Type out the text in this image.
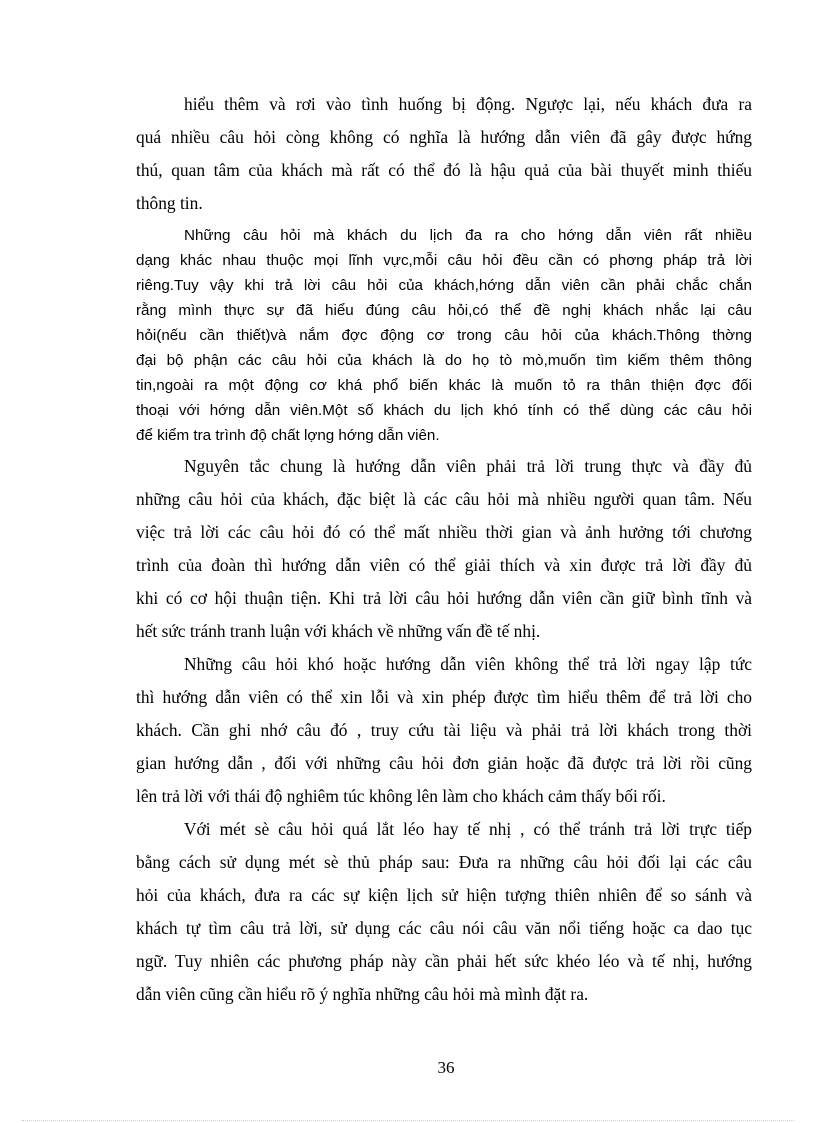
hiểu thêm và rơi vào tình huống bị động. Ngược lại, nếu khách đưa ra
quá nhiều câu hỏi còng không có nghĩa là hướng dẫn viên đã gây được hứng
thú, quan tâm của khách mà rất có thể đó là hậu quả của bài thuyết minh thiếu
thông tin.
Những câu hỏi mà khách du lịch đa ra cho hớng dẫn viên rất nhiều
dạng khác nhau thuộc mọi lĩnh vực,mỗi câu hỏi đều cần có phơng pháp trả lời
riêng.Tuy vậy khi trả lời câu hỏi của khách,hớng dẫn viên cần phải chắc chắn
rằng mình thực sự đã hiểu đúng câu hỏi,có thể đề nghị khách nhắc lại câu
hỏi(nếu cần thiết)và nắm đợc động cơ trong câu hỏi của khách.Thông thờng
đại bộ phận các câu hỏi của khách là do họ tò mò,muốn tìm kiếm thêm thông
tin,ngoài ra một động cơ khá phổ biến khác là muốn tỏ ra thân thiện đợc đối
thoại với hớng dẫn viên.Một số khách du lịch khó tính có thể dùng các câu hỏi
để kiểm tra trình độ chất lợng hớng dẫn viên.
Nguyên tắc chung là hướng dẫn viên phải trả lời trung thực và đầy đủ
những câu hỏi của khách, đặc biệt là các câu hỏi mà nhiều người quan tâm. Nếu
việc trả lời các câu hỏi đó có thể mất nhiều thời gian và ảnh hưởng tới chương
trình của đoàn thì hướng dẫn viên có thể giải thích và xin được trả lời đầy đủ
khi có cơ hội thuận tiện. Khi trả lời câu hỏi hướng dẫn viên cần giữ bình tĩnh và
hết sức tránh tranh luận với khách về những vấn đề tế nhị.
Những câu hỏi khó hoặc hướng dẫn viên không thể trả lời ngay lập tức
thì hướng dẫn viên có thể xin lỗi và xin phép được tìm hiểu thêm để trả lời cho
khách. Cần ghi nhớ câu đó , truy cứu tài liệu và phải trả lời khách trong thời
gian hướng dẫn , đối với những câu hỏi đơn giản hoặc đã được trả lời rồi cũng
lên trả lời với thái độ nghiêm túc không lên làm cho khách cảm thấy bối rối.
Với mét sè câu hỏi quá lắt léo hay tế nhị , có thể tránh trả lời trực tiếp
bằng cách sử dụng mét sè thủ pháp sau: Đưa ra những câu hỏi đối lại các câu
hỏi của khách, đưa ra các sự kiện lịch sử hiện tượng thiên nhiên để so sánh và
khách tự tìm câu trả lời, sử dụng các câu nói câu văn nổi tiếng hoặc ca dao tục
ngữ. Tuy nhiên các phương pháp này cần phải hết sức khéo léo và tế nhị, hướng
dẫn viên cũng cần hiểu rõ ý nghĩa những câu hỏi mà mình đặt ra.
36
